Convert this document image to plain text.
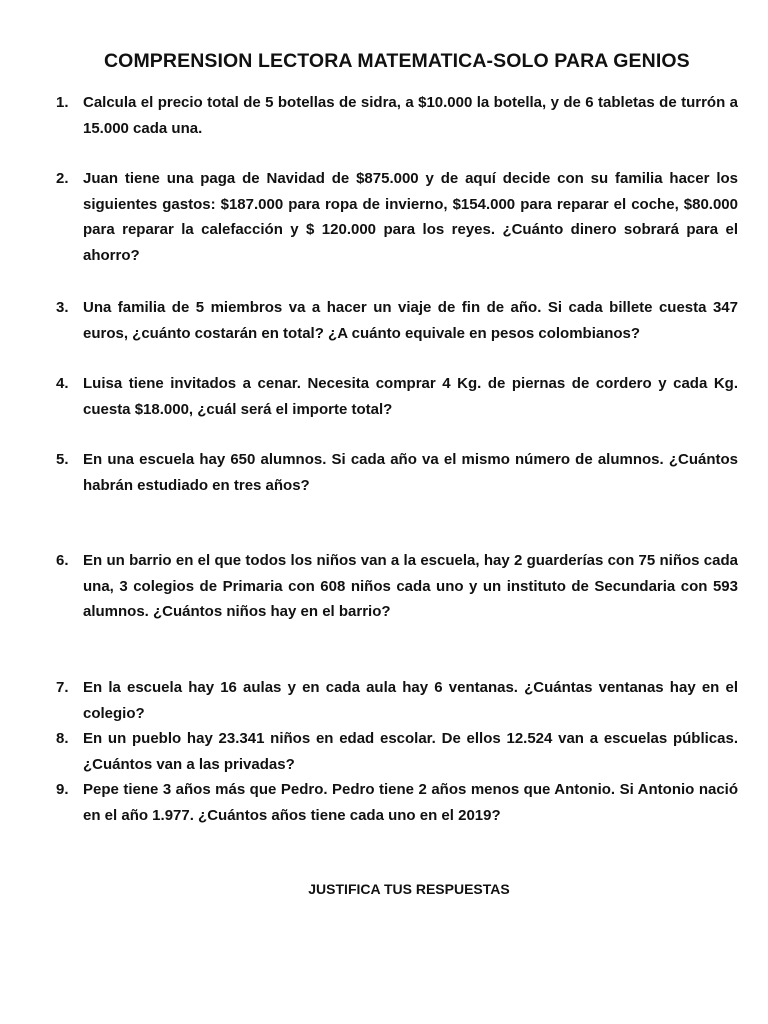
COMPRENSION LECTORA MATEMATICA-SOLO PARA GENIOS
1. Calcula el precio total de 5 botellas de sidra, a $10.000 la botella, y de 6 tabletas de turrón a 15.000 cada una.
2. Juan tiene una paga de Navidad de $875.000 y de aquí decide con su familia hacer los siguientes gastos: $187.000 para ropa de invierno, $154.000 para reparar el coche, $80.000 para reparar la calefacción y $ 120.000 para los reyes. ¿Cuánto dinero sobrará para el ahorro?
3. Una familia de 5 miembros va a hacer un viaje de fin de año. Si cada billete cuesta 347 euros, ¿cuánto costarán en total? ¿A cuánto equivale en pesos colombianos?
4. Luisa tiene invitados a cenar. Necesita comprar 4 Kg. de piernas de cordero y cada Kg. cuesta $18.000, ¿cuál será el importe total?
5. En una escuela hay 650 alumnos. Si cada año va el mismo número de alumnos. ¿Cuántos habrán estudiado en tres años?
6. En un barrio en el que todos los niños van a la escuela, hay 2 guarderías con 75 niños cada una, 3 colegios de Primaria con 608 niños cada uno y un instituto de Secundaria con 593 alumnos. ¿Cuántos niños hay en el barrio?
7. En la escuela hay 16 aulas y en cada aula hay 6 ventanas. ¿Cuántas ventanas hay en el colegio?
8. En un pueblo hay 23.341 niños en edad escolar. De ellos 12.524 van a escuelas públicas. ¿Cuántos van a las privadas?
9. Pepe tiene 3 años más que Pedro. Pedro tiene 2 años menos que Antonio. Si Antonio nació en el año 1.977. ¿Cuántos años tiene cada uno en el 2019?
JUSTIFICA TUS RESPUESTAS
